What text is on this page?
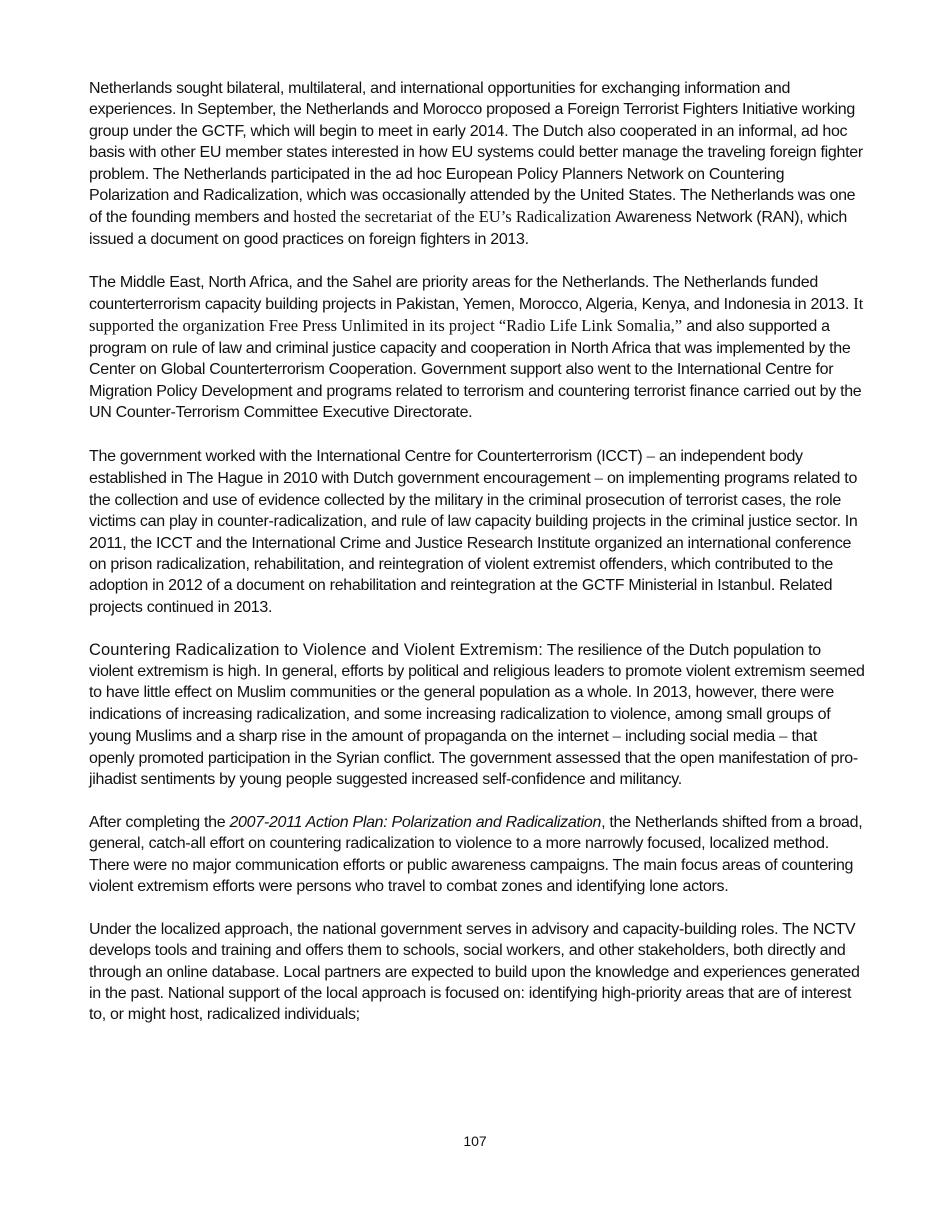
Netherlands sought bilateral, multilateral, and international opportunities for exchanging information and experiences. In September, the Netherlands and Morocco proposed a Foreign Terrorist Fighters Initiative working group under the GCTF, which will begin to meet in early 2014. The Dutch also cooperated in an informal, ad hoc basis with other EU member states interested in how EU systems could better manage the traveling foreign fighter problem. The Netherlands participated in the ad hoc European Policy Planners Network on Countering Polarization and Radicalization, which was occasionally attended by the United States. The Netherlands was one of the founding members and hosted the secretariat of the EU’s Radicalization Awareness Network (RAN), which issued a document on good practices on foreign fighters in 2013.

The Middle East, North Africa, and the Sahel are priority areas for the Netherlands. The Netherlands funded counterterrorism capacity building projects in Pakistan, Yemen, Morocco, Algeria, Kenya, and Indonesia in 2013. It supported the organization Free Press Unlimited in its project “Radio Life Link Somalia,” and also supported a program on rule of law and criminal justice capacity and cooperation in North Africa that was implemented by the Center on Global Counterterrorism Cooperation. Government support also went to the International Centre for Migration Policy Development and programs related to terrorism and countering terrorist finance carried out by the UN Counter-Terrorism Committee Executive Directorate.

The government worked with the International Centre for Counterterrorism (ICCT) – an independent body established in The Hague in 2010 with Dutch government encouragement – on implementing programs related to the collection and use of evidence collected by the military in the criminal prosecution of terrorist cases, the role victims can play in counter-radicalization, and rule of law capacity building projects in the criminal justice sector. In 2011, the ICCT and the International Crime and Justice Research Institute organized an international conference on prison radicalization, rehabilitation, and reintegration of violent extremist offenders, which contributed to the adoption in 2012 of a document on rehabilitation and reintegration at the GCTF Ministerial in Istanbul. Related projects continued in 2013.

Countering Radicalization to Violence and Violent Extremism: The resilience of the Dutch population to violent extremism is high. In general, efforts by political and religious leaders to promote violent extremism seemed to have little effect on Muslim communities or the general population as a whole. In 2013, however, there were indications of increasing radicalization, and some increasing radicalization to violence, among small groups of young Muslims and a sharp rise in the amount of propaganda on the internet – including social media – that openly promoted participation in the Syrian conflict. The government assessed that the open manifestation of pro-jihadist sentiments by young people suggested increased self-confidence and militancy.

After completing the 2007-2011 Action Plan: Polarization and Radicalization, the Netherlands shifted from a broad, general, catch-all effort on countering radicalization to violence to a more narrowly focused, localized method. There were no major communication efforts or public awareness campaigns. The main focus areas of countering violent extremism efforts were persons who travel to combat zones and identifying lone actors.

Under the localized approach, the national government serves in advisory and capacity-building roles. The NCTV develops tools and training and offers them to schools, social workers, and other stakeholders, both directly and through an online database. Local partners are expected to build upon the knowledge and experiences generated in the past. National support of the local approach is focused on: identifying high-priority areas that are of interest to, or might host, radicalized individuals;

107
